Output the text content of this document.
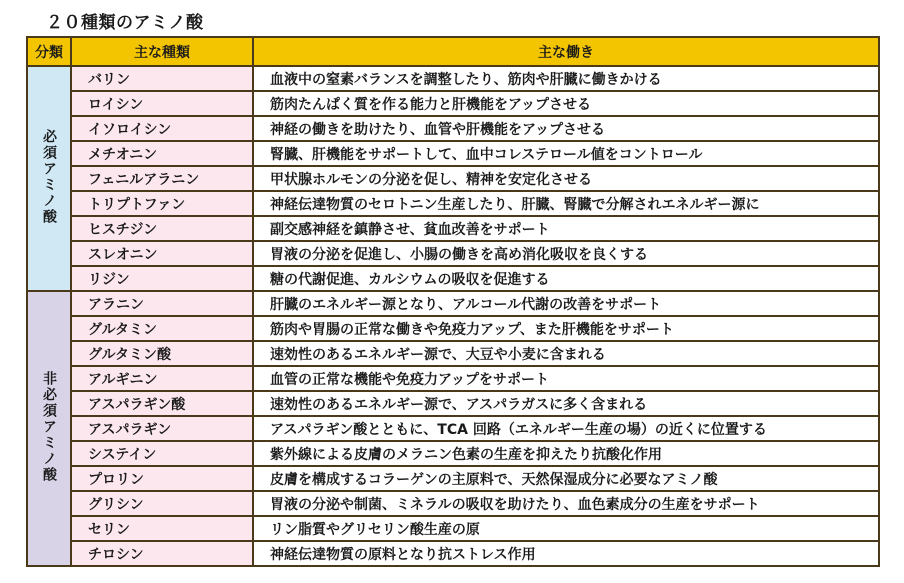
２０種類のアミノ酸
分類	主な種類	主な働き
必須アミノ酸	バリン	血液中の窒素バランスを調整したり、筋肉や肝臓に働きかける
	ロイシン	筋肉たんぱく質を作る能力と肝機能をアップさせる
	イソロイシン	神経の働きを助けたり、血管や肝機能をアップさせる
	メチオニン	腎臓、肝機能をサポートして、血中コレステロール値をコントロール
	フェニルアラニン	甲状腺ホルモンの分泌を促し、精神を安定化させる
	トリプトファン	神経伝達物質のセロトニン生産したり、肝臓、腎臓で分解されエネルギー源に
	ヒスチジン	副交感神経を鎮静させ、貧血改善をサポート
	スレオニン	胃液の分泌を促進し、小腸の働きを高め消化吸収を良くする
	リジン	糖の代謝促進、カルシウムの吸収を促進する
非必須アミノ酸	アラニン	肝臓のエネルギー源となり、アルコール代謝の改善をサポート
	グルタミン	筋肉や胃腸の正常な働きや免疫力アップ、また肝機能をサポート
	グルタミン酸	速効性のあるエネルギー源で、大豆や小麦に含まれる
	アルギニン	血管の正常な機能や免疫力アップをサポート
	アスパラギン酸	速効性のあるエネルギー源で、アスパラガスに多く含まれる
	アスパラギン	アスパラギン酸とともに、TCA 回路（エネルギー生産の場）の近くに位置する
	システイン	紫外線による皮膚のメラニン色素の生産を抑えたり抗酸化作用
	プロリン	皮膚を構成するコラーゲンの主原料で、天然保湿成分に必要なアミノ酸
	グリシン	胃液の分泌や制菌、ミネラルの吸収を助けたり、血色素成分の生産をサポート
	セリン	リン脂質やグリセリン酸生産の原
	チロシン	神経伝達物質の原料となり抗ストレス作用
